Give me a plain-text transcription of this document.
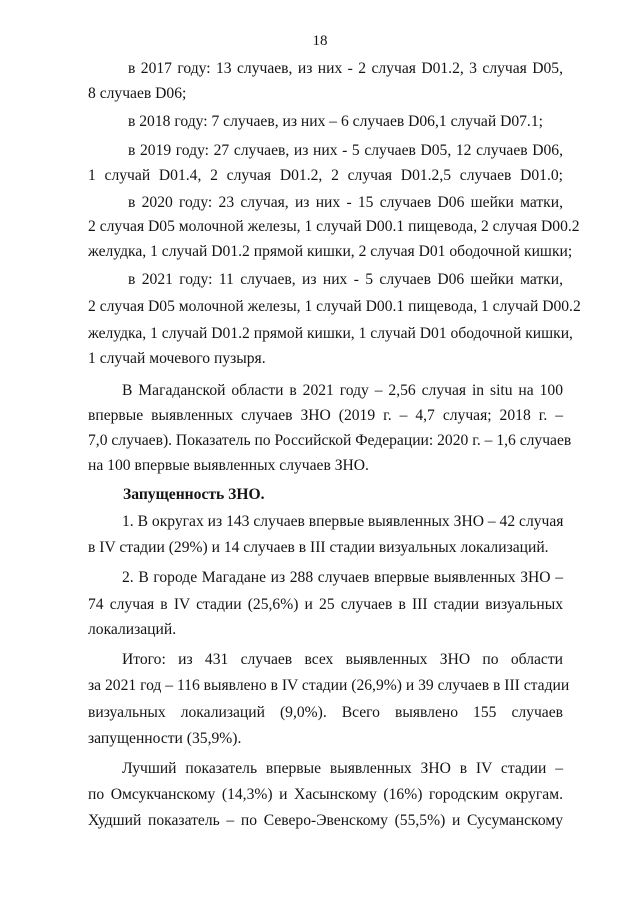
18
в 2017 году: 13 случаев, из них - 2 случая D01.2, 3 случая D05,
8 случаев D06;
в 2018 году: 7 случаев, из них – 6 случаев D06,1 случай D07.1;
в 2019 году: 27 случаев, из них - 5 случаев D05, 12 случаев D06,
1 случай D01.4, 2 случая D01.2, 2 случая D01.2,5 случаев D01.0;
в 2020 году: 23 случая, из них - 15 случаев D06 шейки матки,
2 случая D05 молочной железы, 1 случай D00.1 пищевода, 2 случая D00.2
желудка, 1 случай D01.2 прямой кишки, 2 случая D01 ободочной кишки;
в 2021 году: 11 случаев, из них - 5 случаев D06 шейки матки,
2 случая D05 молочной железы, 1 случай D00.1 пищевода, 1 случай D00.2
желудка, 1 случай D01.2 прямой кишки, 1 случай D01 ободочной кишки,
1 случай мочевого пузыря.
В Магаданской области в 2021 году – 2,56 случая in situ на 100
впервые выявленных случаев ЗНО (2019 г. – 4,7 случая; 2018 г. –
7,0 случаев). Показатель по Российской Федерации: 2020 г. – 1,6 случаев
на 100 впервые выявленных случаев ЗНО.
Запущенность ЗНО.
1. В округах из 143 случаев впервые выявленных ЗНО – 42 случая
в IV стадии (29%) и 14 случаев в III стадии визуальных локализаций.
2. В городе Магадане из 288 случаев впервые выявленных ЗНО –
74 случая в IV стадии (25,6%) и 25 случаев в III стадии визуальных
локализаций.
Итого: из 431 случаев всех выявленных ЗНО по области
за 2021 год – 116 выявлено в IV стадии (26,9%) и 39 случаев в III стадии
визуальных локализаций (9,0%). Всего выявлено 155 случаев
запущенности (35,9%).
Лучший показатель впервые выявленных ЗНО в IV стадии –
по Омсукчанскому (14,3%) и Хасынскому (16%) городским округам.
Худший показатель – по Северо-Эвенскому (55,5%) и Сусуманскому
